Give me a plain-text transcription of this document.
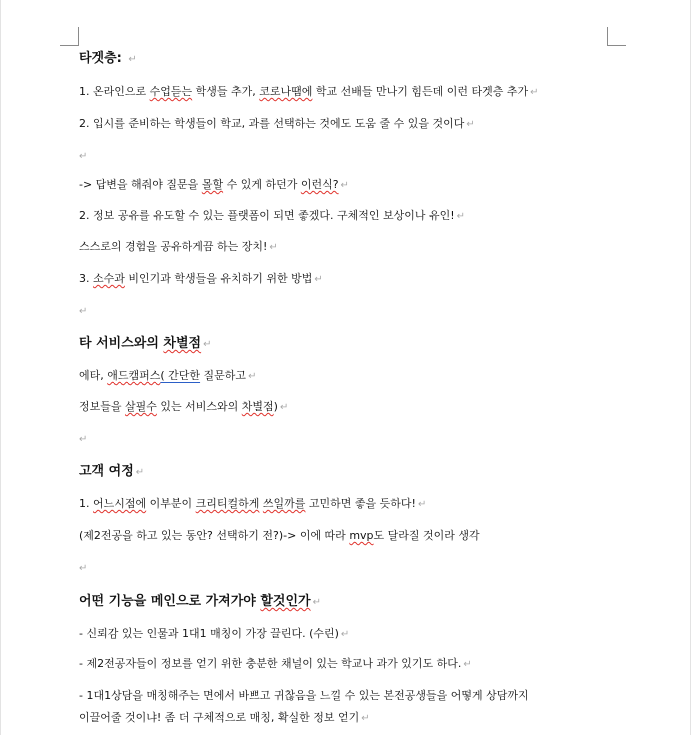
타겟층: ↵
1. 온라인으로 수업듣는 학생들 추가, 코로나땜에 학교 선배들 만나기 힘든데 이런 타겟층 추가 ↵
2. 입시를 준비하는 학생들이 학교, 과를 선택하는 것에도 도움 줄 수 있을 것이다 ↵
↵
-> 답변을 해줘야 질문을 몰할 수 있게 하던가 이런식? ↵
2. 정보 공유를 유도할 수 있는 플랫폼이 되면 좋겠다. 구체적인 보상이나 유인! ↵
스스로의 경험을 공유하게끔 하는 장치! ↵
3. 소수과 비인기과 학생들을 유치하기 위한 방법 ↵
↵
타 서비스와의 차별점 ↵
에타, 애드캠퍼스( 간단한 질문하고 ↵
정보들을 살필수 있는 서비스와의 차별점) ↵
↵
고객 여정 ↵
1. 어느시점에 이부분이 크리티컬하게 쓰일까를 고민하면 좋을 듯하다! ↵
(제2전공을 하고 있는 동안? 선택하기 전?)-> 이에 따라 mvp도 달라질 것이라 생각
↵
어떤 기능을 메인으로 가져가야 할것인가 ↵
- 신뢰감 있는 인물과 1대1 매칭이 가장 끌린다. (수린) ↵
- 제2전공자들이 정보를 얻기 위한 충분한 채널이 있는 학교나 과가 있기도 하다. ↵
- 1대1상담을 매칭해주는 면에서 바쁘고 귀찮음을 느낄 수 있는 본전공생들을 어떻게 상담까지
이끌어줄 것이냐! 좀 더 구체적으로 매칭, 확실한 정보 얻기 ↵
